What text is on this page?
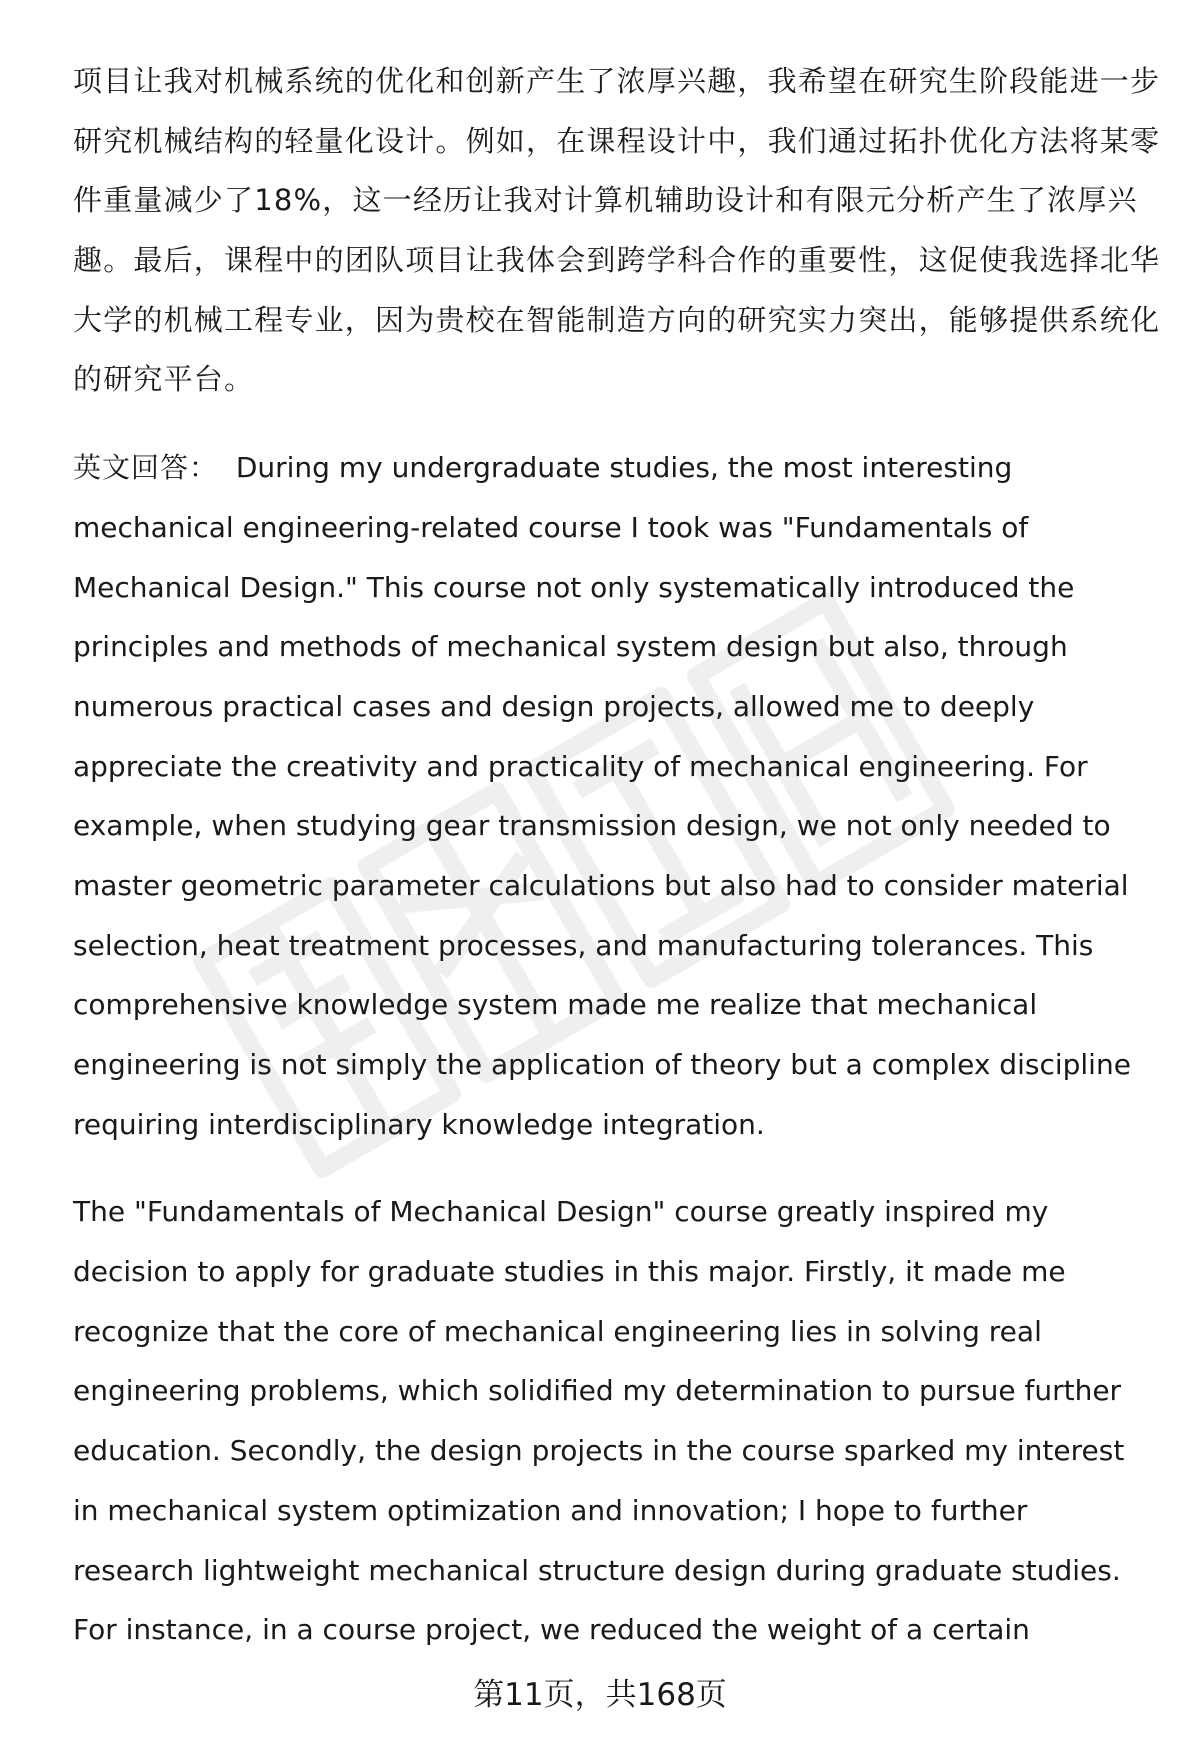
项目让我对机械系统的优化和创新产生了浓厚兴趣，我希望在研究生阶段能进一步
研究机械结构的轻量化设计。例如，在课程设计中，我们通过拓扑优化方法将某零
件重量减少了18%，这一经历让我对计算机辅助设计和有限元分析产生了浓厚兴
趣。最后，课程中的团队项目让我体会到跨学科合作的重要性，这促使我选择北华
大学的机械工程专业，因为贵校在智能制造方向的研究实力突出，能够提供系统化
的研究平台。
英文回答： During my undergraduate studies, the most interesting
mechanical engineering-related course I took was "Fundamentals of
Mechanical Design." This course not only systematically introduced the
principles and methods of mechanical system design but also, through
numerous practical cases and design projects, allowed me to deeply
appreciate the creativity and practicality of mechanical engineering. For
example, when studying gear transmission design, we not only needed to
master geometric parameter calculations but also had to consider material
selection, heat treatment processes, and manufacturing tolerances. This
comprehensive knowledge system made me realize that mechanical
engineering is not simply the application of theory but a complex discipline
requiring interdisciplinary knowledge integration.
The "Fundamentals of Mechanical Design" course greatly inspired my
decision to apply for graduate studies in this major. Firstly, it made me
recognize that the core of mechanical engineering lies in solving real
engineering problems, which solidified my determination to pursue further
education. Secondly, the design projects in the course sparked my interest
in mechanical system optimization and innovation; I hope to further
research lightweight mechanical structure design during graduate studies.
For instance, in a course project, we reduced the weight of a certain
第11页，共168页
